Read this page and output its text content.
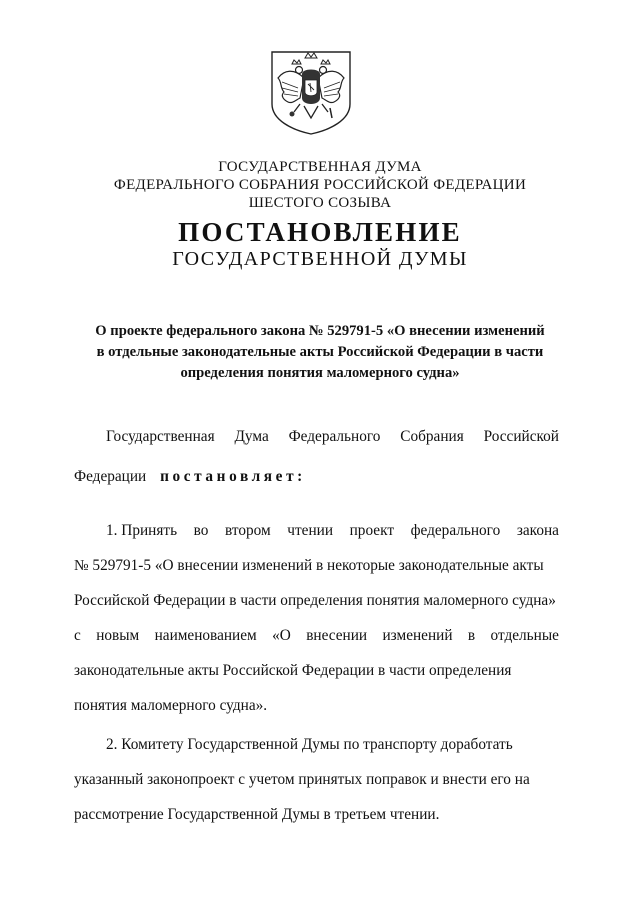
ГОСУДАРСТВЕННАЯ ДУМА
ФЕДЕРАЛЬНОГО СОБРАНИЯ РОССИЙСКОЙ ФЕДЕРАЦИИ
ШЕСТОГО СОЗЫВА
ПОСТАНОВЛЕНИЕ
ГОСУДАРСТВЕННОЙ ДУМЫ
О проекте федерального закона № 529791-5 «О внесении изменений
в отдельные законодательные акты Российской Федерации в части
определения понятия маломерного судна»
Государственная Дума Федерального Собрания Российской
Федерации постановляет:
1. Принять во втором чтении проект федерального закона
№ 529791-5 «О внесении изменений в некоторые законодательные акты
Российской Федерации в части определения понятия маломерного судна»
с новым наименованием «О внесении изменений в отдельные
законодательные акты Российской Федерации в части определения
понятия маломерного судна».
2. Комитету Государственной Думы по транспорту доработать
указанный законопроект с учетом принятых поправок и внести его на
рассмотрение Государственной Думы в третьем чтении.
